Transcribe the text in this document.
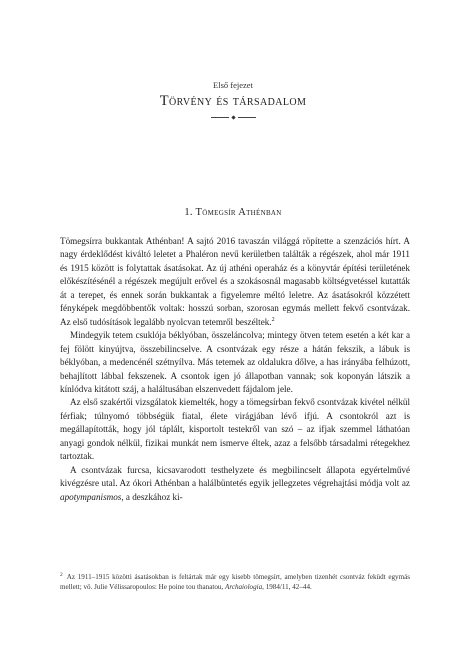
Első fejezet

Törvény és társadalom
1. Tömegsír Athénban

Tömegsírra bukkantak Athénban! A sajtó 2016 tavaszán világgá röpítette a szenzációs hírt. A nagy érdeklődést kiváltó leletet a Phaléron nevű kerületben találták a régészek, ahol már 1911 és 1915 között is folytattak ásatásokat. Az új athéni operaház és a könyvtár építési területének előkészítésénél a régészek megújult erővel és a szokásosnál magasabb költségvetéssel kutatták át a terepet, és ennek során bukkantak a figyelemre méltó leletre. Az ásatásokról közzétett fényképek megdöbbentők voltak: hosszú sorban, szorosan egymás mellett fekvő csontvázak. Az első tudósítások legalább nyolcvan tetemről beszéltek.$^2$

Mindegyik tetem csuklója béklyóban, összeláncolva; mintegy ötven tetem esetén a két kar a fej fölött kinyújtva, összebilincselve. A csontvázak egy része a hátán fekszik, a lábuk is béklyóban, a medencénél szétnyílva. Más tetemek az oldalukra dőlve, a has irányába felhúzott, behajlított lábbal fekszenek. A csontok igen jó állapotban vannak; sok koponyán látszik a kínlódva kitátott száj, a haláltusában elszenvedett fájdalom jele.

Az első szakértői vizsgálatok kiemelték, hogy a tömegsírban fekvő csontvázak kivétel nélkül férfiak; túlnyomó többségük fiatal, élete virágjában lévő ifjú. A csontokról azt is megállapították, hogy jól táplált, kisportolt testekről van szó – az ifjak szemmel láthatóan anyagi gondok nélkül, fizikai munkát nem ismerve éltek, azaz a felsőbb társadalmi rétegekhez tartoztak.

A csontvázak furcsa, kicsavarodott testhelyzete és megbilincselt állapota egyértelművé kivégzésre utal. Az ókori Athénban a halálbüntetés egyik jellegzetes végrehajtási módja volt az apotympanismos, a deszkához ki-

$^2$ Az 1911–1915 közötti ásatásokban is feltártak már egy kisebb tömegsírt, amelyben tizenhét csontváz feküdt egymás mellett; vö. Julie Vélissaropoulos: He poine tou thanatou, Archaiologia, 1984/11, 42–44.
